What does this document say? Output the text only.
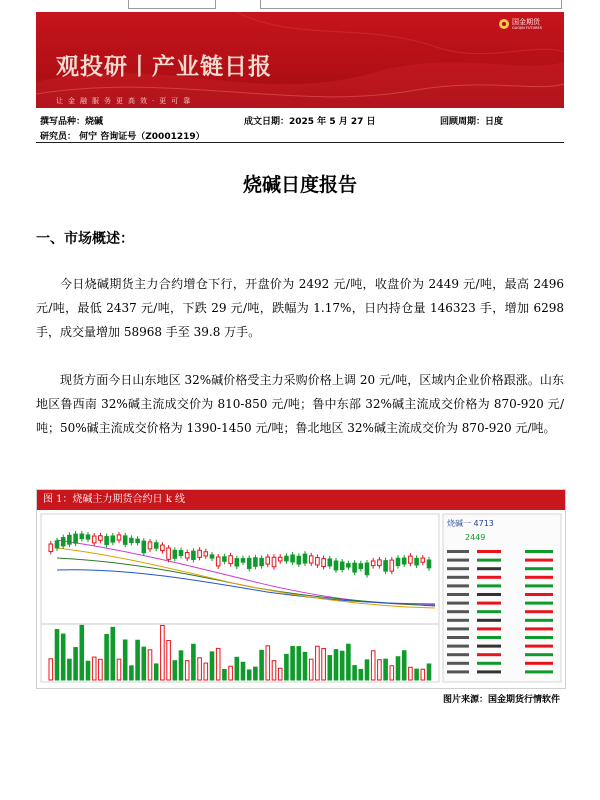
国金期货
GUOJIN FUTURES
观投研丨产业链日报
让金融服务更高效·更可靠
撰写品种：烧碱	成文日期：2025 年 5 月 27 日	回顾周期：日度
研究员： 何宁 咨询证号（Z0001219）
烧碱日度报告
一、市场概述：
今日烧碱期货主力合约增仓下行，开盘价为 2492 元/吨，收盘价为 2449 元/吨，最高 2496 元/吨，最低 2437 元/吨，下跌 29 元/吨，跌幅为 1.17%，日内持仓量 146323 手，增加 6298 手，成交量增加 58968 手至 39.8 万手。
现货方面今日山东地区 32%碱价格受主力采购价格上调 20 元/吨，区域内企业价格跟涨。山东地区鲁西南 32%碱主流成交价为 810-850 元/吨；鲁中东部 32%碱主流成交价格为 870-920 元/吨；50%碱主流成交价格为 1390-1450 元/吨；鲁北地区 32%碱主流成交价为 870-920 元/吨。
图 1：烧碱主力期货合约日 k 线
烧碱一 4713
2449
图片来源：国金期货行情软件
